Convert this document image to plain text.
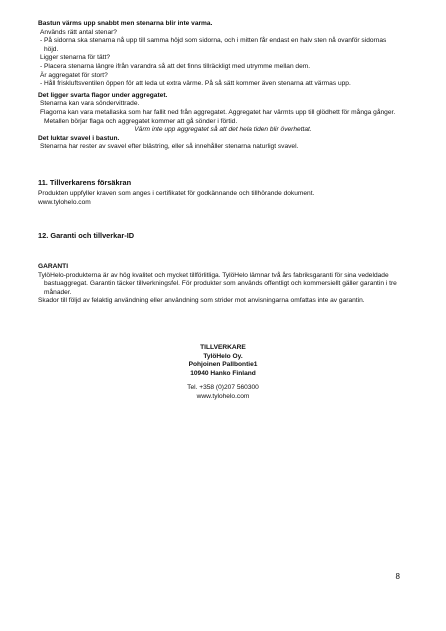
Bastun värms upp snabbt men stenarna blir inte varma.
Används rätt antal stenar?
- På sidorna ska stenarna nå upp till samma höjd som sidorna, och i mitten får endast en halv sten nå ovanför sidornas
höjd.
Ligger stenarna för tätt?
- Placera stenarna längre ifrån varandra så att det finns tillräckligt med utrymme mellan dem.
Är aggregatet för stort?
- Håll friskluftsventilen öppen för att leda ut extra värme. På så sätt kommer även stenarna att värmas upp.
Det ligger svarta flagor under aggregatet.
Stenarna kan vara söndervittrade.
Flagorna kan vara metallaska som har fallit ned från aggregatet. Aggregatet har värmts upp till glödhett för många gånger.
Metallen börjar flaga och aggregatet kommer att gå sönder i förtid.
Värm inte upp aggregatet så att det hela tiden blir överhettat.
Det luktar svavel i bastun.
Stenarna har rester av svavel efter blästring, eller så innehåller stenarna naturligt svavel.
11. Tillverkarens försäkran
Produkten uppfyller kraven som anges i certifikatet för godkännande och tillhörande dokument.
www.tylohelo.com
12. Garanti och tillverkar-ID
GARANTI
TylöHelo-produkterna är av hög kvalitet och mycket tillförlitliga. TylöHelo lämnar två års fabriksgaranti för sina vedeldade
bastuaggregat. Garantin täcker tillverkningsfel. För produkter som används offentligt och kommersiellt gäller garantin i tre
månader.
Skador till följd av felaktig användning eller användning som strider mot anvisningarna omfattas inte av garantin.
TILLVERKARE
TylöHelo Oy.
Pohjoinen Pallbontie1
10940 Hanko Finland
Tel. +358 (0)207 560300
www.tylohelo.com
8
